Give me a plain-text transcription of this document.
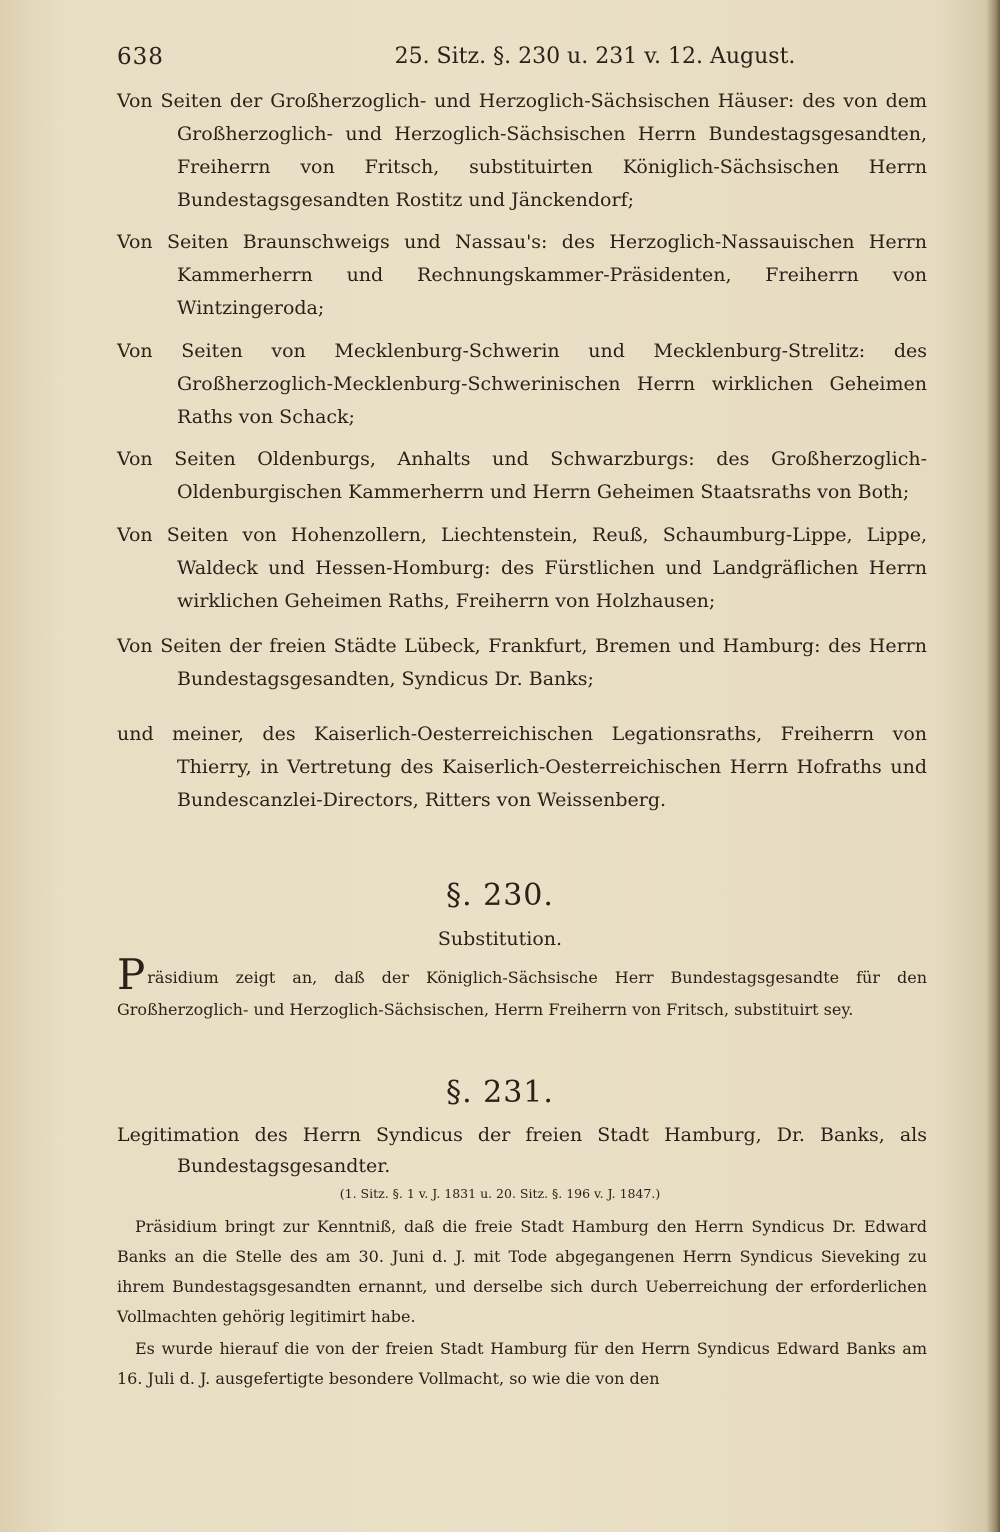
638	25. Sitz. §. 230 u. 231 v. 12. August.

Von Seiten der Großherzoglich- und Herzoglich-Sächsischen Häuser: des von dem Großherzoglich- und Herzoglich-Sächsischen Herrn Bundestagsgesandten, Freiherrn von Fritsch, substituirten Königlich-Sächsischen Herrn Bundestagsgesandten Rostitz und Jänckendorf;

Von Seiten Braunschweigs und Nassau's: des Herzoglich-Nassauischen Herrn Kammerherrn und Rechnungskammer-Präsidenten, Freiherrn von Wintzingeroda;

Von Seiten von Mecklenburg-Schwerin und Mecklenburg-Strelitz: des Großherzoglich-Mecklenburg-Schwerinischen Herrn wirklichen Geheimen Raths von Schack;

Von Seiten Oldenburgs, Anhalts und Schwarzburgs: des Großherzoglich-Oldenburgischen Kammerherrn und Herrn Geheimen Staatsraths von Both;

Von Seiten von Hohenzollern, Liechtenstein, Reuß, Schaumburg-Lippe, Lippe, Waldeck und Hessen-Homburg: des Fürstlichen und Landgräflichen Herrn wirklichen Geheimen Raths, Freiherrn von Holzhausen;

Von Seiten der freien Städte Lübeck, Frankfurt, Bremen und Hamburg: des Herrn Bundestagsgesandten, Syndicus Dr. Banks;

und meiner, des Kaiserlich-Oesterreichischen Legationsraths, Freiherrn von Thierry, in Vertretung des Kaiserlich-Oesterreichischen Herrn Hofraths und Bundescanzlei-Directors, Ritters von Weissenberg.

§. 230.
Substitution.

Präsidium zeigt an, daß der Königlich-Sächsische Herr Bundestagsgesandte für den Großherzoglich- und Herzoglich-Sächsischen, Herrn Freiherrn von Fritsch, substituirt sey.

§. 231.

Legitimation des Herrn Syndicus der freien Stadt Hamburg, Dr. Banks, als Bundestagsgesandter.

(1. Sitz. §. 1 v. J. 1831 u. 20. Sitz. §. 196 v. J. 1847.)

Präsidium bringt zur Kenntniß, daß die freie Stadt Hamburg den Herrn Syndicus Dr. Edward Banks an die Stelle des am 30. Juni d. J. mit Tode abgegangenen Herrn Syndicus Sieveking zu ihrem Bundestagsgesandten ernannt, und derselbe sich durch Ueberreichung der erforderlichen Vollmachten gehörig legitimirt habe.

Es wurde hierauf die von der freien Stadt Hamburg für den Herrn Syndicus Edward Banks am 16. Juli d. J. ausgefertigte besondere Vollmacht, so wie die von den
